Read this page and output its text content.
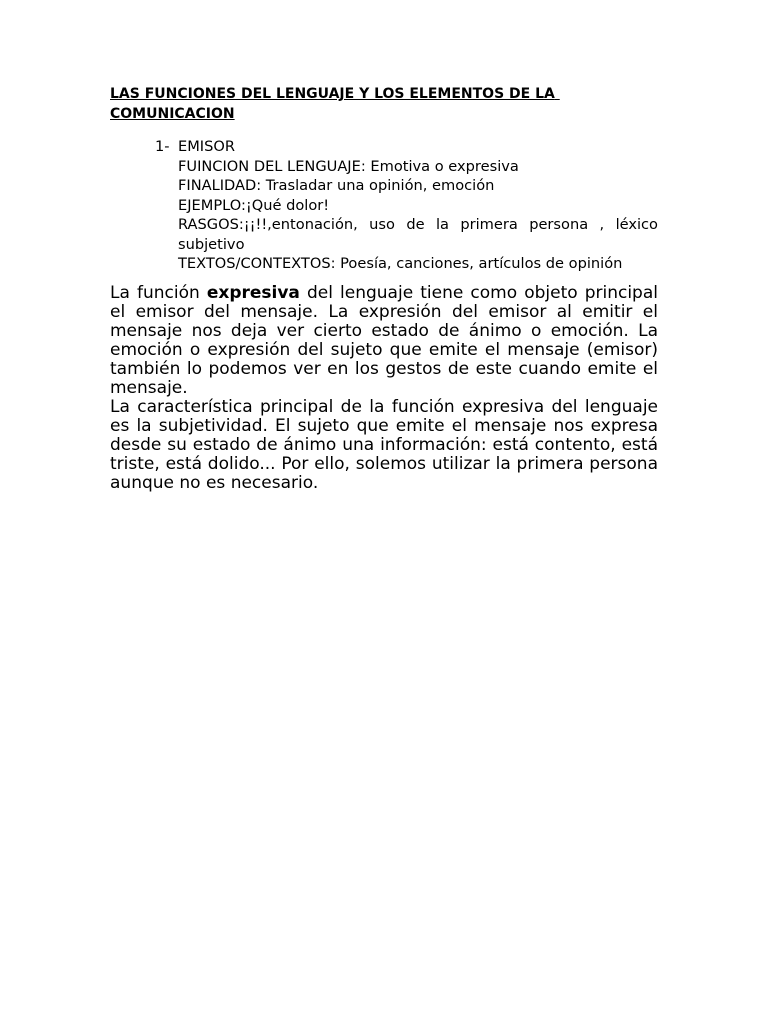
LAS FUNCIONES DEL LENGUAJE Y LOS ELEMENTOS DE LA COMUNICACION
1- EMISOR
FUINCION DEL LENGUAJE: Emotiva o expresiva
FINALIDAD: Trasladar una opinión, emoción
EJEMPLO:¡Qué dolor!
RASGOS:¡¡!!,entonación, uso de la primera persona , léxico subjetivo
TEXTOS/CONTEXTOS: Poesía, canciones, artículos de opinión

La función expresiva del lenguaje tiene como objeto principal el emisor del mensaje. La expresión del emisor al emitir el mensaje nos deja ver cierto estado de ánimo o emoción. La emoción o expresión del sujeto que emite el mensaje (emisor) también lo podemos ver en los gestos de este cuando emite el mensaje.

La característica principal de la función expresiva del lenguaje es la subjetividad. El sujeto que emite el mensaje nos expresa desde su estado de ánimo una información: está contento, está triste, está dolido... Por ello, solemos utilizar la primera persona aunque no es necesario.
